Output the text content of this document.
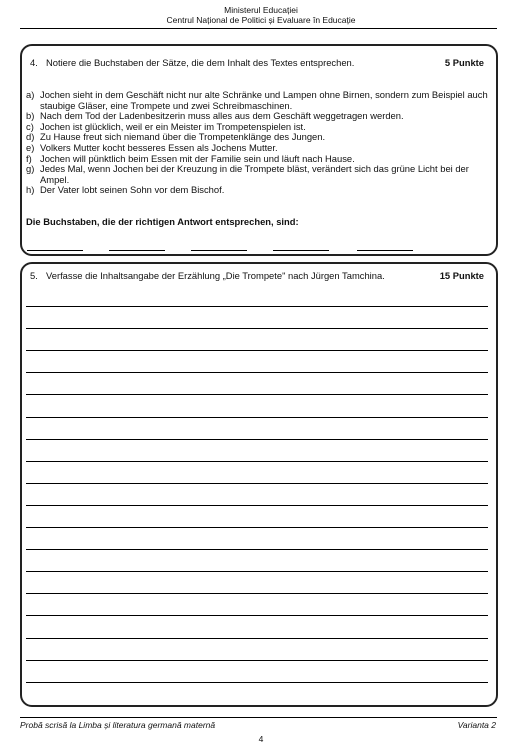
Ministerul Educației
Centrul Național de Politici și Evaluare în Educație
4. Notiere die Buchstaben der Sätze, die dem Inhalt des Textes entsprechen.	5 Punkte
a) Jochen sieht in dem Geschäft nicht nur alte Schränke und Lampen ohne Birnen, sondern zum Beispiel auch staubige Gläser, eine Trompete und zwei Schreibmaschinen.
b) Nach dem Tod der Ladenbesitzerin muss alles aus dem Geschäft weggetragen werden.
c) Jochen ist glücklich, weil er ein Meister im Trompetenspielen ist.
d) Zu Hause freut sich niemand über die Trompetenklänge des Jungen.
e) Volkers Mutter kocht besseres Essen als Jochens Mutter.
f) Jochen will pünktlich beim Essen mit der Familie sein und läuft nach Hause.
g) Jedes Mal, wenn Jochen bei der Kreuzung in die Trompete bläst, verändert sich das grüne Licht bei der Ampel.
h) Der Vater lobt seinen Sohn vor dem Bischof.
Die Buchstaben, die der richtigen Antwort entsprechen, sind:
5. Verfasse die Inhaltsangabe der Erzählung „Die Trompete" nach Jürgen Tamchina.	15 Punkte
Probă scrisă la Limba și literatura germană maternă	Varianta 2
4
